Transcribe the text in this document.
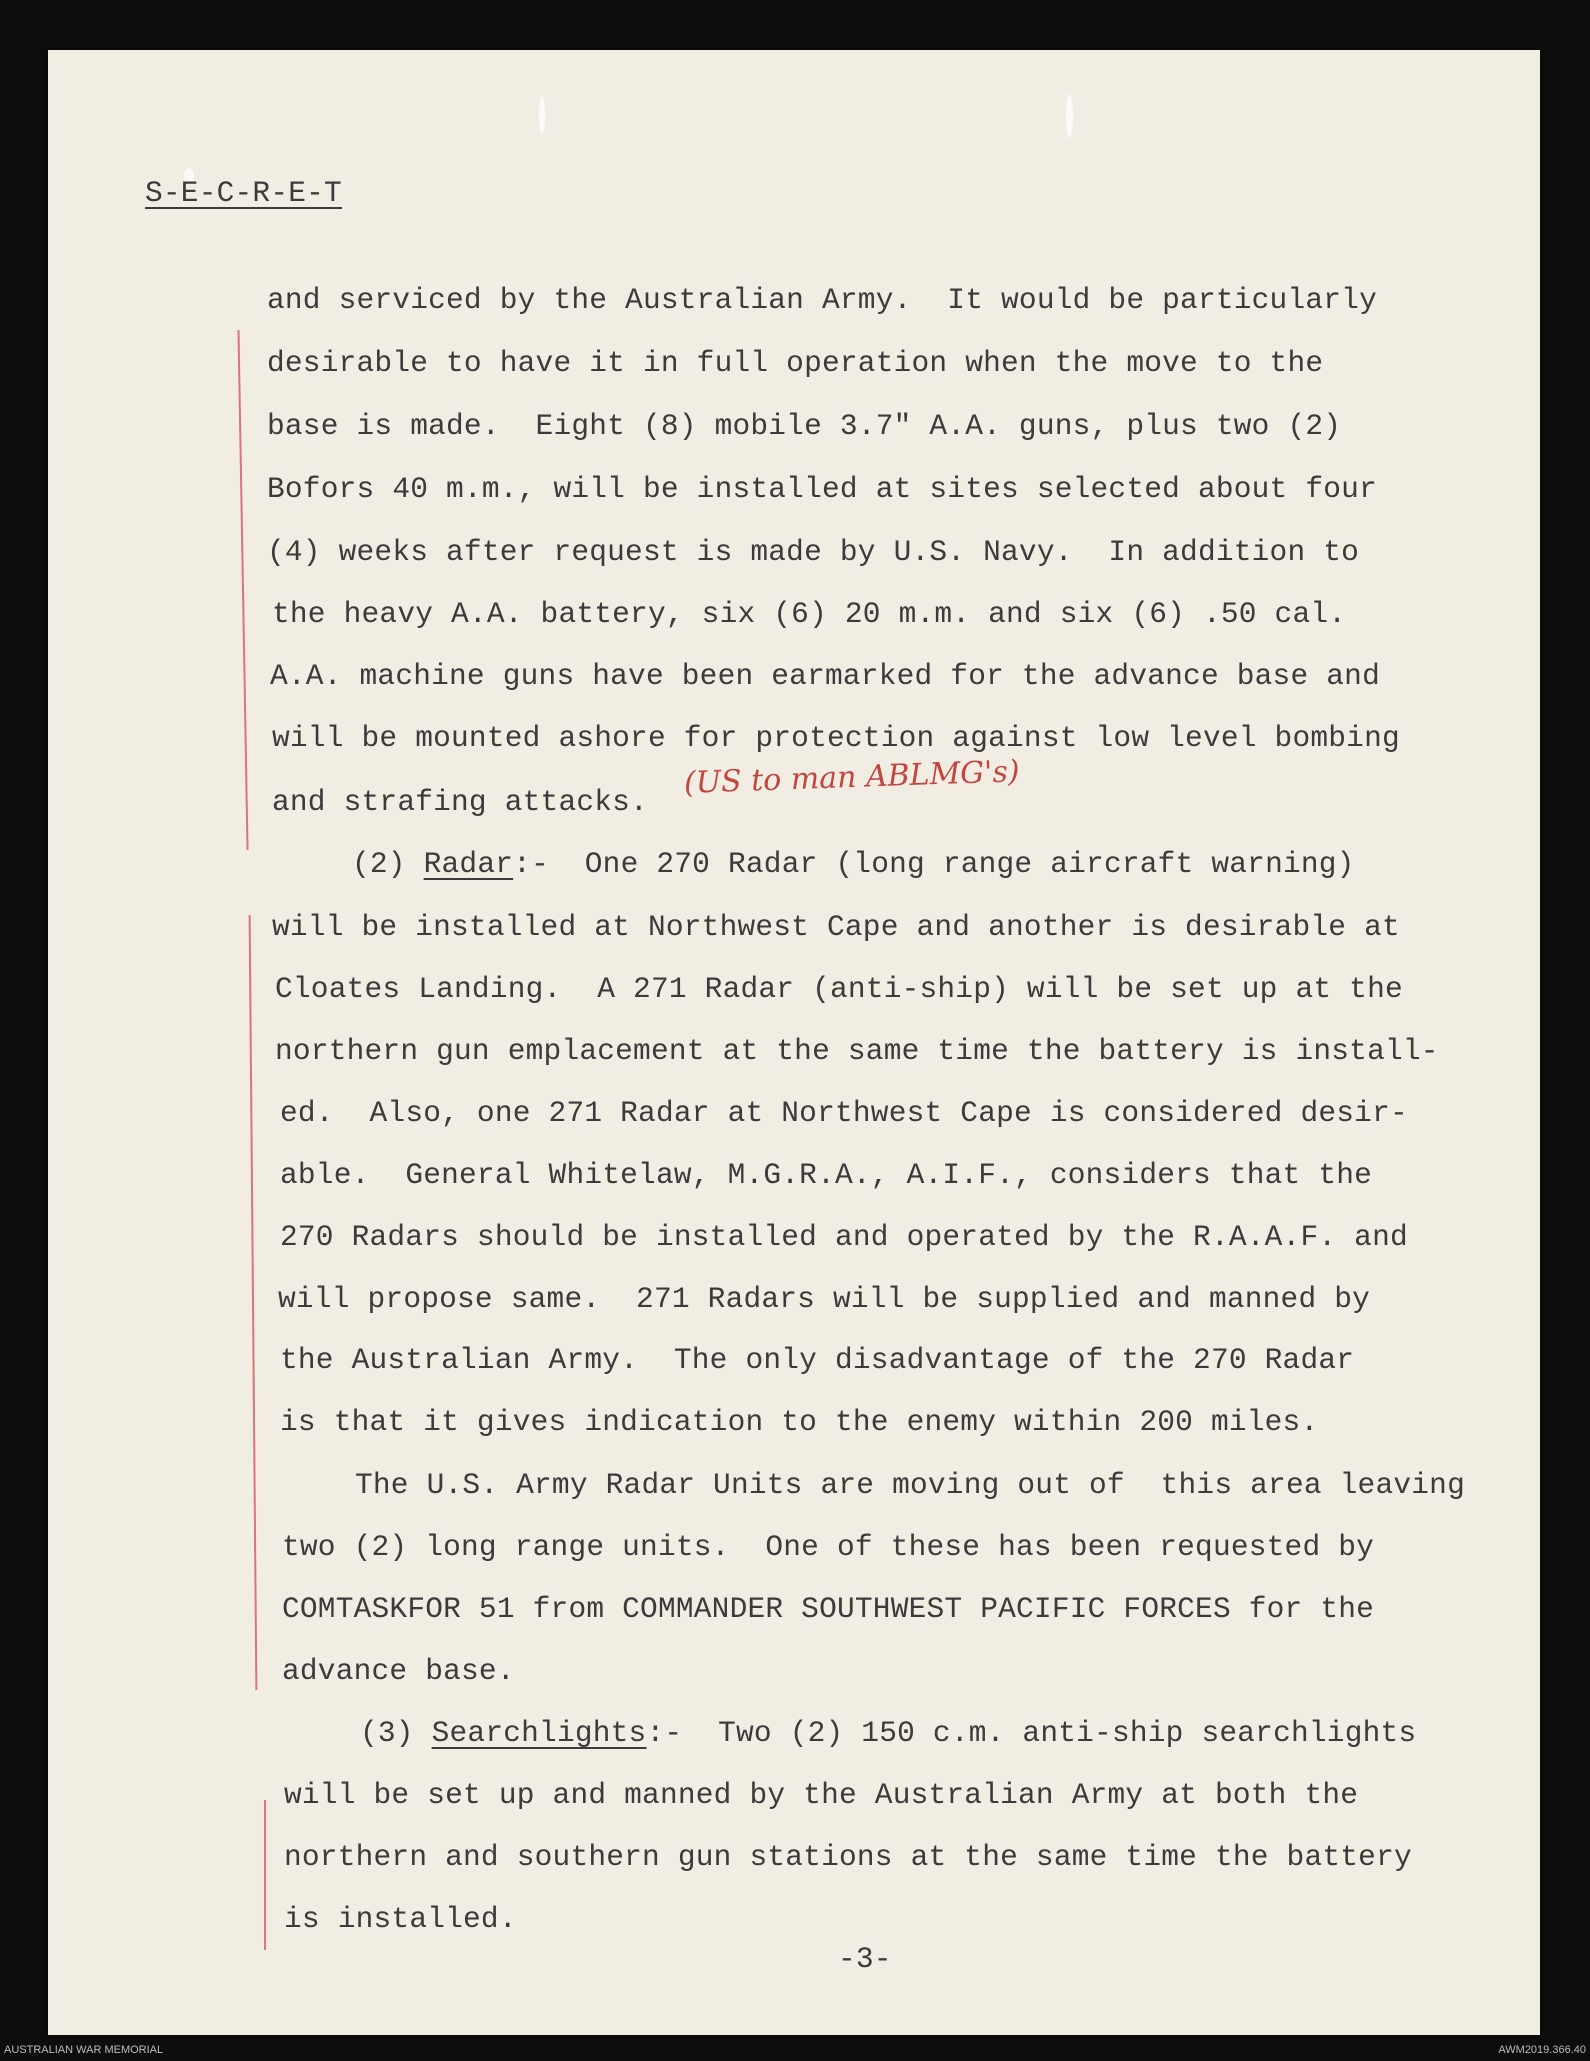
S-E-C-R-E-T
and serviced by the Australian Army.  It would be particularly
desirable to have it in full operation when the move to the
base is made.  Eight (8) mobile 3.7" A.A. guns, plus two (2)
Bofors 40 m.m., will be installed at sites selected about four
(4) weeks after request is made by U.S. Navy.  In addition to
the heavy A.A. battery, six (6) 20 m.m. and six (6) .50 cal.
A.A. machine guns have been earmarked for the advance base and
will be mounted ashore for protection against low level bombing
and strafing attacks.
(US to man ABLMG's)
(2) Radar:-  One 270 Radar (long range aircraft warning)
will be installed at Northwest Cape and another is desirable at
Cloates Landing.  A 271 Radar (anti-ship) will be set up at the
northern gun emplacement at the same time the battery is install-
ed.  Also, one 271 Radar at Northwest Cape is considered desir-
able.  General Whitelaw, M.G.R.A., A.I.F., considers that the
270 Radars should be installed and operated by the R.A.A.F. and
will propose same.  271 Radars will be supplied and manned by
the Australian Army.  The only disadvantage of the 270 Radar
is that it gives indication to the enemy within 200 miles.
The U.S. Army Radar Units are moving out of  this area leaving
two (2) long range units.  One of these has been requested by
COMTASKFOR 51 from COMMANDER SOUTHWEST PACIFIC FORCES for the
advance base.
(3) Searchlights:-  Two (2) 150 c.m. anti-ship searchlights
will be set up and manned by the Australian Army at both the
northern and southern gun stations at the same time the battery
is installed.
-3-
AUSTRALIAN WAR MEMORIAL	AWM2019.366.40
